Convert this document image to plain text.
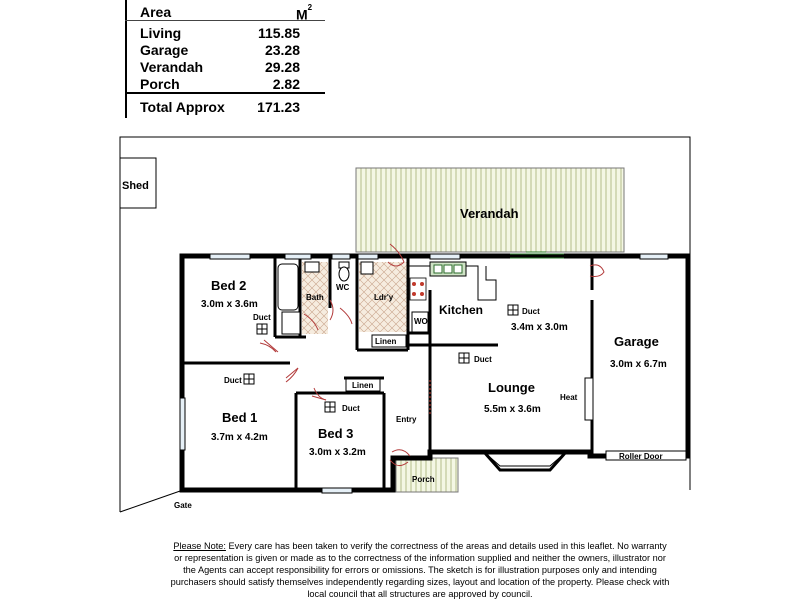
Area	$M^2$
Living	115.85
Garage	23.28
Verandah	29.28
Porch	2.82
Total Approx	171.23
Shed
Verandah
Bed 2
3.0m x 3.6m
Duct
Bath
WC
Ldr'y
Kitchen
WO
Duct
3.4m x 3.0m
Garage
3.0m x 6.7m
Linen
Linen
Duct
Lounge
5.5m x 3.6m
Heat
Duct
Bed 1
3.7m x 4.2m
Duct
Bed 3
3.0m x 3.2m
Entry
Porch
Roller Door
Gate
Please Note: Every care has been taken to verify the correctness of the areas and details used in this leaflet. No warranty or representation is given or made as to the correctness of the information supplied and neither the owners, illustrator nor the Agents can accept responsibility for errors or omissions. The sketch is for illustration purposes only and intending purchasers should satisfy themselves independently regarding sizes, layout and location of the property. Please check with local council that all structures are approved by council.
